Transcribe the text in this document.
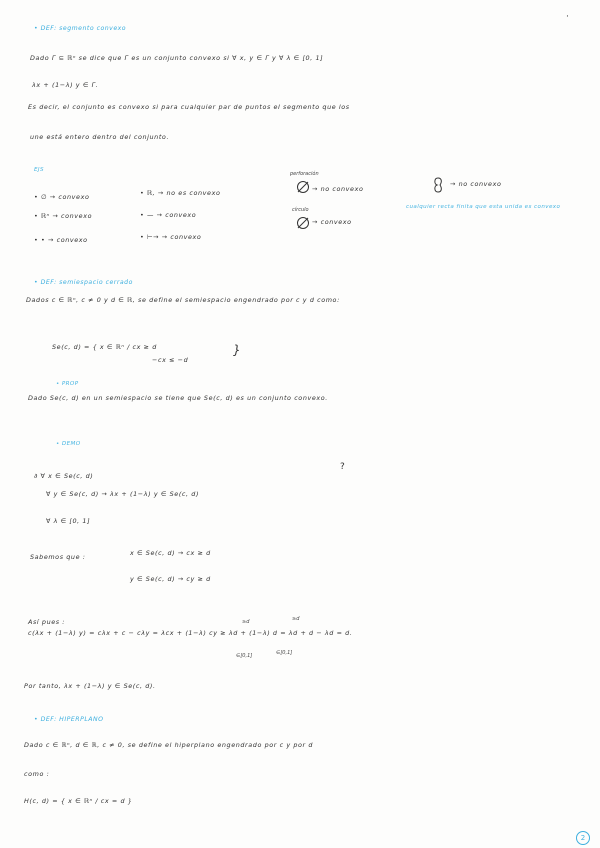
·
• DEF: segmento convexo
Dado Γ ⊆ ℝⁿ se dice que Γ es un conjunto convexo si ∀ x, y ∈ Γ y ∀ λ ∈ [0, 1]
λx + (1−λ) y ∈ Γ.
Es decir, el conjunto es convexo si para cualquier par de puntos el segmento que los
une está entero dentro del conjunto.
EJS
• ∅ → convexo	• ℝ, → no es convexo
perforación
→ no convexo
→ no convexo
• ℝⁿ → convexo	• — → convexo
círculo
→ convexo
cualquier recta finita que esta unida es convexo
• • → convexo	• ⊢→ → convexo
• DEF: semiespacio cerrado
Dados c ∈ ℝⁿ, c ≠ 0 y d ∈ ℝ, se define el semiespacio engendrado por c y d como:
Se(c, d) = { x ∈ ℝⁿ / cx ≥ d
−cx ≤ −d
}
• PROP
Dado Se(c, d) en un semiespacio se tiene que Se(c, d) es un conjunto convexo.
• DEMO
∂ ∀ x ∈ Se(c, d)
?
∀ y ∈ Se(c, d) → λx + (1−λ) y ∈ Se(c, d)
∀ λ ∈ [0, 1]
Sabemos que :	x ∈ Se(c, d) → cx ≥ d
y ∈ Se(c, d) → cy ≥ d
Así pues :	≥d	≥d
c(λx + (1−λ) y) = cλx + c − cλy = λcx + (1−λ) cy ≥ λd + (1−λ) d = λd + d − λd = d.
∈[0,1]	∈[0,1]
Por tanto, λx + (1−λ) y ∈ Se(c, d).
• DEF: HIPERPLANO
Dado c ∈ ℝⁿ, d ∈ ℝ, c ≠ 0, se define el hiperplano engendrado por c y por d
como :
H(c, d) = { x ∈ ℝⁿ / cx = d }
2
